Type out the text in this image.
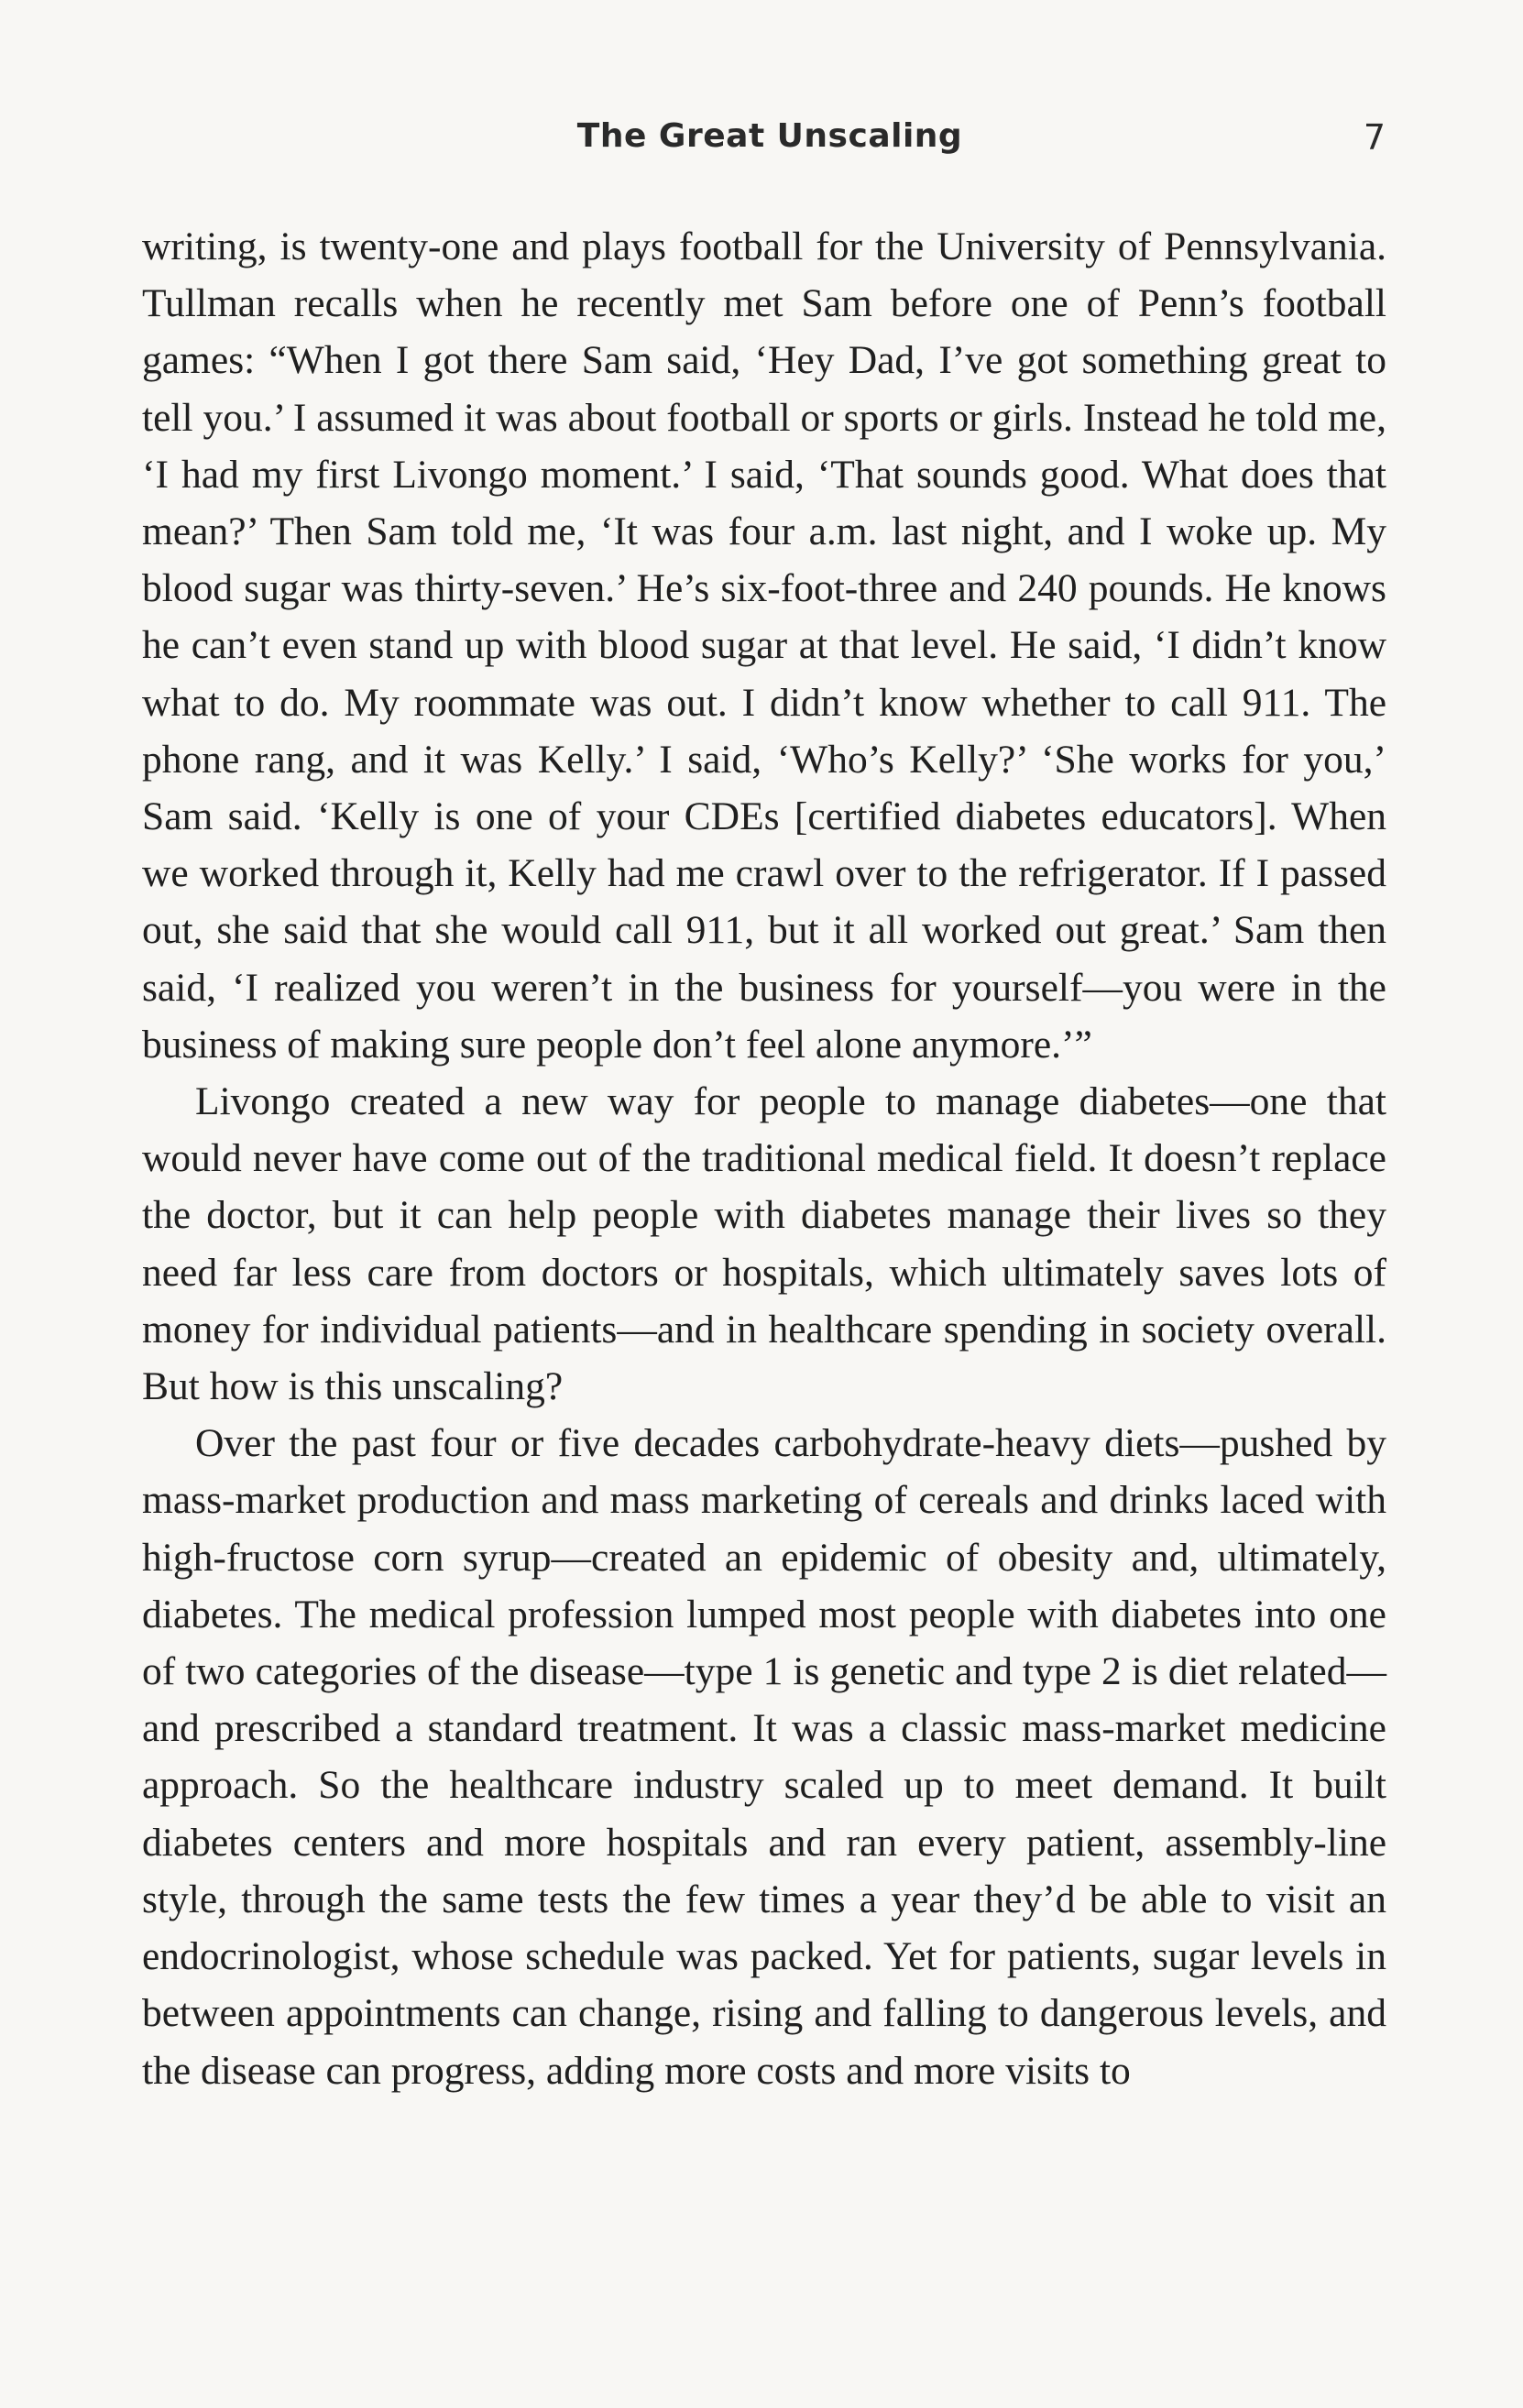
The Great Unscaling	7

writing, is twenty-one and plays football for the University of Pennsylvania. Tullman recalls when he recently met Sam before one of Penn’s football games: “When I got there Sam said, ‘Hey Dad, I’ve got something great to tell you.’ I assumed it was about football or sports or girls. Instead he told me, ‘I had my first Livongo moment.’ I said, ‘That sounds good. What does that mean?’ Then Sam told me, ‘It was four a.m. last night, and I woke up. My blood sugar was thirty-seven.’ He’s six-foot-three and 240 pounds. He knows he can’t even stand up with blood sugar at that level. He said, ‘I didn’t know what to do. My roommate was out. I didn’t know whether to call 911. The phone rang, and it was Kelly.’ I said, ‘Who’s Kelly?’ ‘She works for you,’ Sam said. ‘Kelly is one of your CDEs [certified diabetes educators]. When we worked through it, Kelly had me crawl over to the refrigerator. If I passed out, she said that she would call 911, but it all worked out great.’ Sam then said, ‘I realized you weren’t in the business for yourself—you were in the business of making sure people don’t feel alone anymore.’”

Livongo created a new way for people to manage diabetes—one that would never have come out of the traditional medical field. It doesn’t replace the doctor, but it can help people with diabetes manage their lives so they need far less care from doctors or hospitals, which ultimately saves lots of money for individual patients—and in healthcare spending in society overall. But how is this unscaling?

Over the past four or five decades carbohydrate-heavy diets—pushed by mass-market production and mass marketing of cereals and drinks laced with high-fructose corn syrup—created an epidemic of obesity and, ultimately, diabetes. The medical profession lumped most people with diabetes into one of two categories of the disease—type 1 is genetic and type 2 is diet related—and prescribed a standard treatment. It was a classic mass-market medicine approach. So the healthcare industry scaled up to meet demand. It built diabetes centers and more hospitals and ran every patient, assembly-line style, through the same tests the few times a year they’d be able to visit an endocrinologist, whose schedule was packed. Yet for patients, sugar levels in between appointments can change, rising and falling to dangerous levels, and the disease can progress, adding more costs and more visits to
